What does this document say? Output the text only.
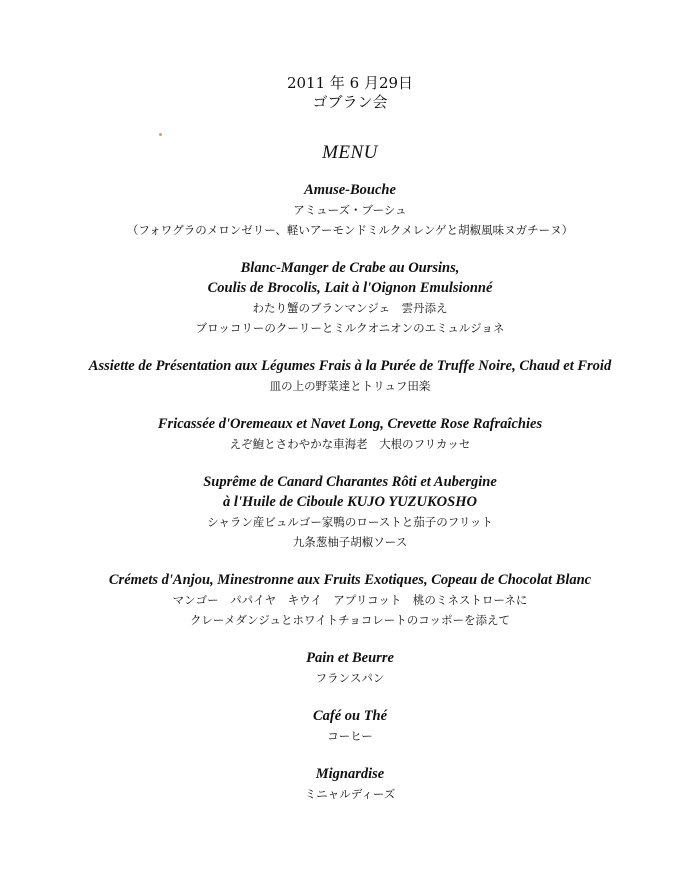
2011 年 6 月29日
ゴブラン会
MENU
Amuse-Bouche
アミューズ・ブーシュ
（フォワグラのメロンゼリー、軽いアーモンドミルクメレンゲと胡椒風味ヌガチーヌ）
Blanc-Manger de Crabe au Oursins,
Coulis de Brocolis, Lait à l'Oignon Emulsionné
わたり蟹のブランマンジェ　雲丹添え
ブロッコリーのクーリーとミルクオニオンのエミュルジョネ
Assiette de Présentation aux Légumes Frais à la Purée de Truffe Noire, Chaud et Froid
皿の上の野菜達とトリュフ田楽
Fricassée d'Oremeaux et Navet Long, Crevette Rose Rafraîchies
えぞ鮑とさわやかな車海老　大根のフリカッセ
Suprême de Canard Charantes Rôti et Aubergine
à l'Huile de Ciboule KUJO YUZUKOSHO
シャラン産ビュルゴー家鴨のローストと茄子のフリット
九条葱柚子胡椒ソース
Crémets d'Anjou, Minestronne aux Fruits Exotiques, Copeau de Chocolat Blanc
マンゴー　パパイヤ　キウイ　アプリコット　桃のミネストローネに
クレーメダンジュとホワイトチョコレートのコッポーを添えて
Pain et Beurre
フランスパン
Café ou Thé
コーヒー
Mignardise
ミニャルディーズ
